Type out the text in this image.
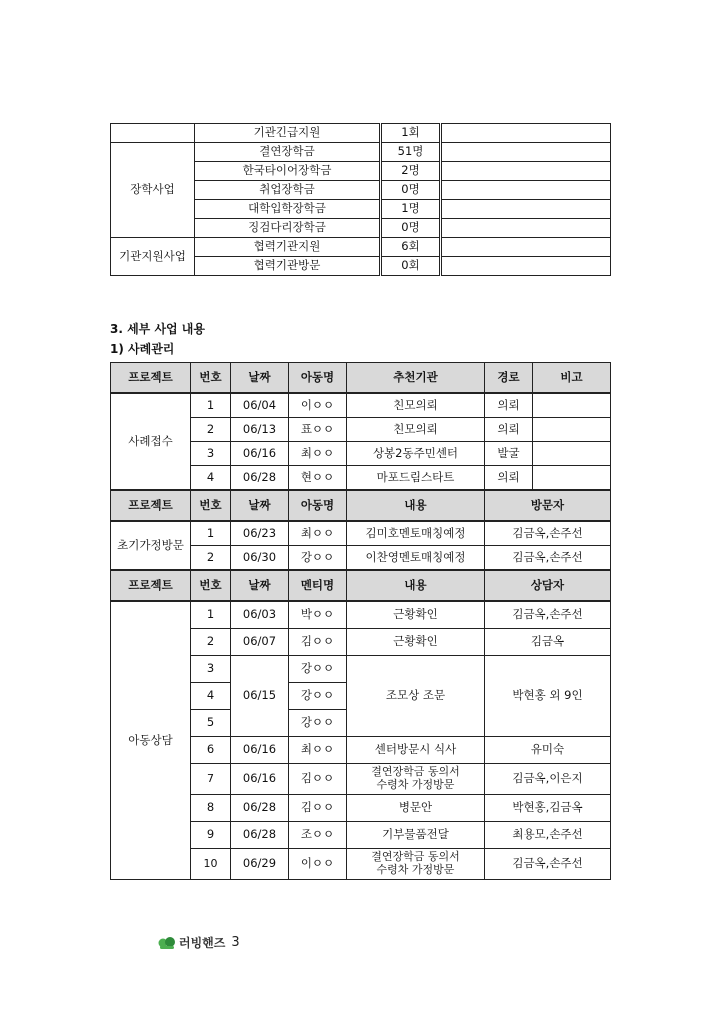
	기관긴급지원	1회	
장학사업	결연장학금	51명	
	한국타이어장학금	2명	
	취업장학금	0명	
	대학입학장학금	1명	
	징검다리장학금	0명	
기관지원사업	협력기관지원	6회	
	협력기관방문	0회	
3. 세부 사업 내용
1) 사례관리
프로젝트	번호	날짜	아동명	추천기관	경로	비고
사례접수	1	06/04	이ㅇㅇ	친모의뢰	의뢰	
	2	06/13	표ㅇㅇ	친모의뢰	의뢰	
	3	06/16	최ㅇㅇ	상봉2동주민센터	발굴	
	4	06/28	현ㅇㅇ	마포드림스타트	의뢰	
프로젝트	번호	날짜	아동명	내용	방문자	
초기가정방문	1	06/23	최ㅇㅇ	김미호멘토매칭예정	김금옥,손주선	
	2	06/30	강ㅇㅇ	이찬영멘토매칭예정	김금옥,손주선	
프로젝트	번호	날짜	멘티명	내용	상담자	
아동상담	1	06/03	박ㅇㅇ	근황확인	김금옥,손주선	
	2	06/07	김ㅇㅇ	근황확인	김금옥	
	3	06/15	강ㅇㅇ	조모상 조문	박현홍 외 9인	
	4		강ㅇㅇ			
	5		강ㅇㅇ			
	6	06/16	최ㅇㅇ	센터방문시 식사	유미숙	
	7	06/16	김ㅇㅇ	결연장학금 동의서
수령차 가정방문	김금옥,이은지	
	8	06/28	김ㅇㅇ	병문안	박현홍,김금옥	
	9	06/28	조ㅇㅇ	기부물품전달	최용모,손주선	
	10	06/29	이ㅇㅇ	결연장학금 동의서
수령차 가정방문	김금옥,손주선	
러빙핸즈 3
